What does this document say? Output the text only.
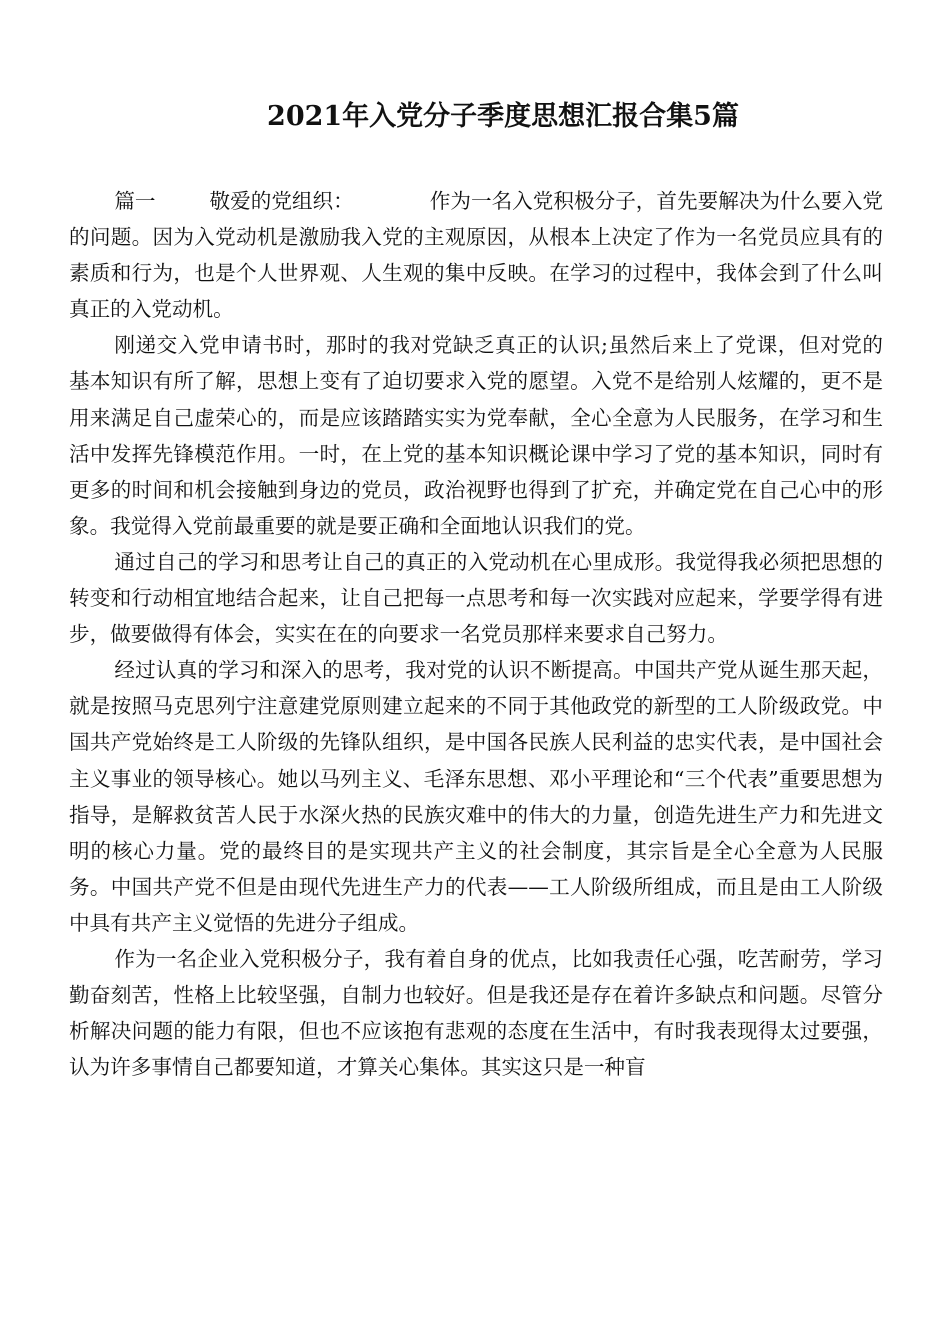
2021年入党分子季度思想汇报合集5篇

篇一	敬爱的党组织：	作为一名入党积极分子，首先要解决为什么要入党的问题。因为入党动机是激励我入党的主观原因，从根本上决定了作为一名党员应具有的素质和行为，也是个人世界观、人生观的集中反映。在学习的过程中，我体会到了什么叫真正的入党动机。

刚递交入党申请书时，那时的我对党缺乏真正的认识;虽然后来上了党课，但对党的基本知识有所了解，思想上变有了迫切要求入党的愿望。入党不是给别人炫耀的，更不是用来满足自己虚荣心的，而是应该踏踏实实为党奉献，全心全意为人民服务，在学习和生活中发挥先锋模范作用。一时，在上党的基本知识概论课中学习了党的基本知识，同时有更多的时间和机会接触到身边的党员，政治视野也得到了扩充，并确定党在自己心中的形象。我觉得入党前最重要的就是要正确和全面地认识我们的党。

通过自己的学习和思考让自己的真正的入党动机在心里成形。我觉得我必须把思想的转变和行动相宜地结合起来，让自己把每一点思考和每一次实践对应起来，学要学得有进步，做要做得有体会，实实在在的向要求一名党员那样来要求自己努力。

经过认真的学习和深入的思考，我对党的认识不断提高。中国共产党从诞生那天起，就是按照马克思列宁注意建党原则建立起来的不同于其他政党的新型的工人阶级政党。中国共产党始终是工人阶级的先锋队组织，是中国各民族人民利益的忠实代表，是中国社会主义事业的领导核心。她以马列主义、毛泽东思想、邓小平理论和“三个代表”重要思想为指导，是解救贫苦人民于水深火热的民族灾难中的伟大的力量，创造先进生产力和先进文明的核心力量。党的最终目的是实现共产主义的社会制度，其宗旨是全心全意为人民服务。中国共产党不但是由现代先进生产力的代表——工人阶级所组成，而且是由工人阶级中具有共产主义觉悟的先进分子组成。

作为一名企业入党积极分子，我有着自身的优点，比如我责任心强，吃苦耐劳，学习勤奋刻苦，性格上比较坚强，自制力也较好。但是我还是存在着许多缺点和问题。尽管分析解决问题的能力有限，但也不应该抱有悲观的态度在生活中，有时我表现得太过要强，认为许多事情自己都要知道，才算关心集体。其实这只是一种盲
